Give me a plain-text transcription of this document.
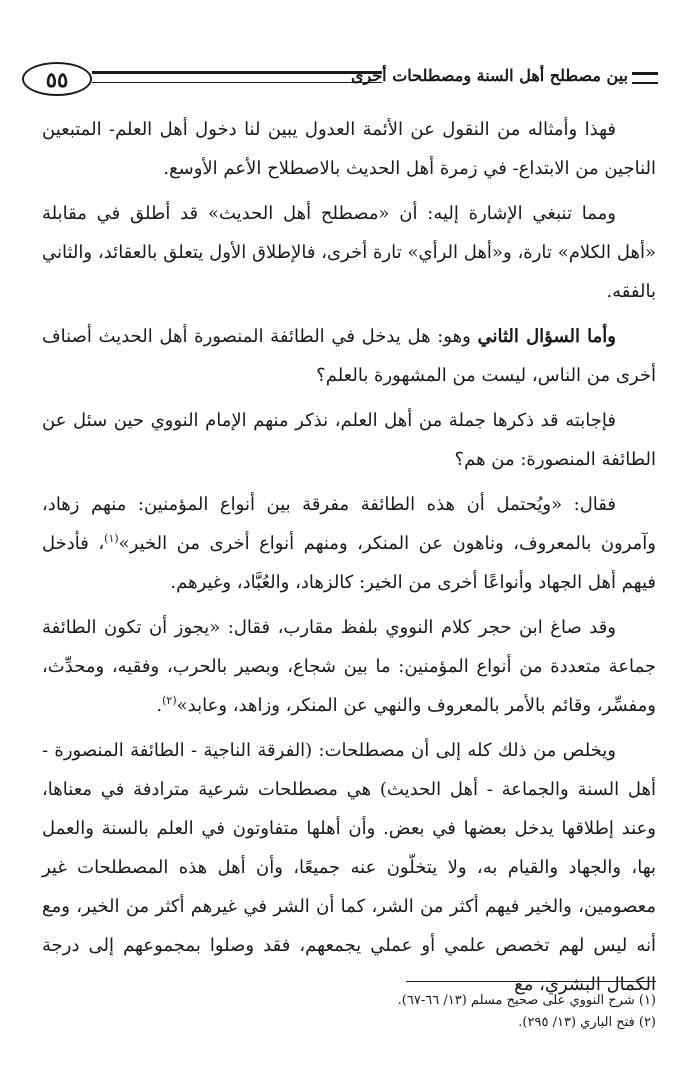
٥٥	بين مصطلح أهل السنة ومصطلحات أخرى

فهذا وأمثاله من النقول عن الأئمة العدول يبين لنا دخول أهل العلم- المتبعين الناجين من الابتداع- في زمرة أهل الحديث بالاصطلاح الأعم الأوسع.

ومما تنبغي الإشارة إليه: أن «مصطلح أهل الحديث» قد أطلق في مقابلة «أهل الكلام» تارة، و«أهل الرأي» تارة أخرى، فالإطلاق الأول يتعلق بالعقائد، والثاني بالفقه.

وأما السؤال الثاني وهو: هل يدخل في الطائفة المنصورة أهل الحديث أصناف أخرى من الناس، ليست من المشهورة بالعلم؟

فإجابته قد ذكرها جملة من أهل العلم، نذكر منهم الإمام النووي حين سئل عن الطائفة المنصورة: من هم؟

فقال: «ويُحتمل أن هذه الطائفة مفرقة بين أنواع المؤمنين: منهم زهاد، وآمرون بالمعروف، وناهون عن المنكر، ومنهم أنواع أخرى من الخير»$^{(١)}$، فأدخل فيهم أهل الجهاد وأنواعًا أخرى من الخير: كالزهاد، والعُبَّاد، وغيرهم.

وقد صاغ ابن حجر كلام النووي بلفظ مقارب، فقال: «يجوز أن تكون الطائفة جماعة متعددة من أنواع المؤمنين: ما بين شجاع، وبصير بالحرب، وفقيه، ومحدِّث، ومفسِّر، وقائم بالأمر بالمعروف والنهي عن المنكر، وزاهد، وعابد»$^{(٢)}$.

ويخلص من ذلك كله إلى أن مصطلحات: (الفرقة الناجية - الطائفة المنصورة - أهل السنة والجماعة - أهل الحديث) هي مصطلحات شرعية مترادفة في معناها، وعند إطلاقها يدخل بعضها في بعض. وأن أهلها متفاوتون في العلم بالسنة والعمل بها، والجهاد والقيام به، ولا يتخلّون عنه جميعًا، وأن أهل هذه المصطلحات غير معصومين، والخير فيهم أكثر من الشر، كما أن الشر في غيرهم أكثر من الخير، ومع أنه ليس لهم تخصص علمي أو عملي يجمعهم، فقد وصلوا بمجموعهم إلى درجة الكمال البشري، مع

(١) شرح النووي على صحيح مسلم (١٣/ ٦٦-٦٧).
(٢) فتح الباري (١٣/ ٢٩٥).
